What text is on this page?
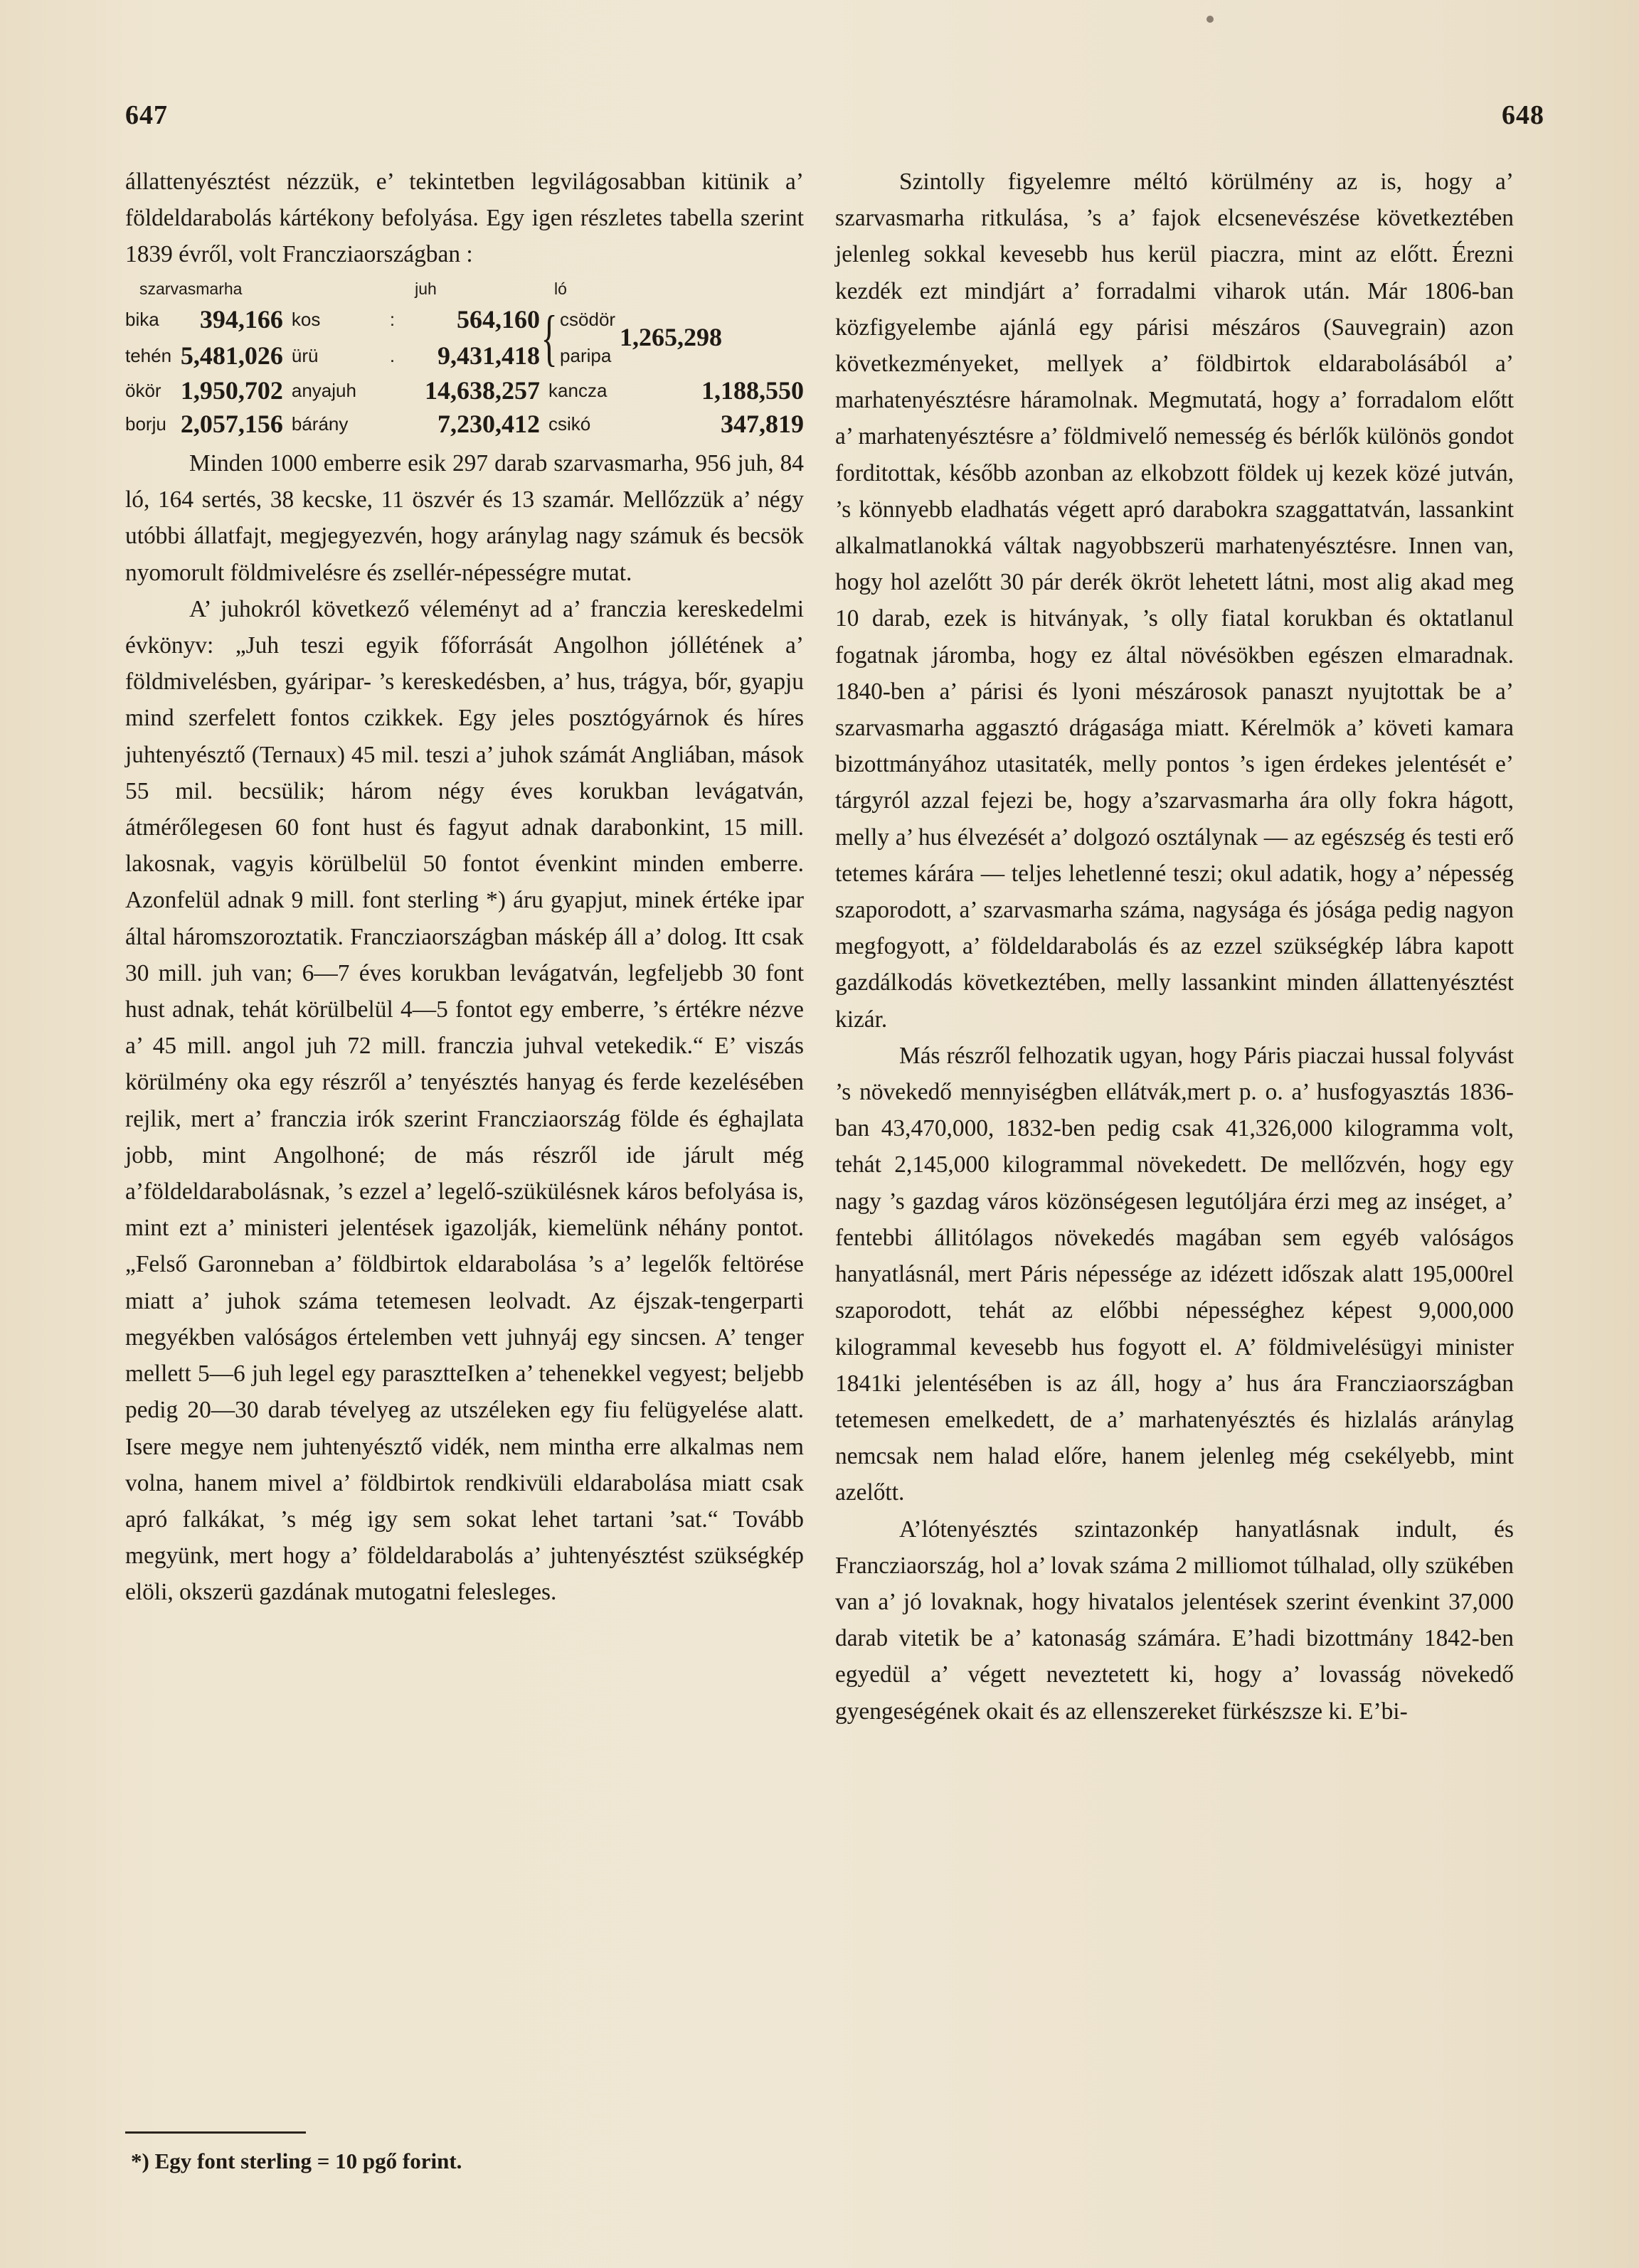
647	648

állattenyésztést nézzük, e’ tekintetben legvilágosabban kitünik a’ földeldarabolás kártékony befolyása. Egy igen részletes tabella szerint 1839 évről, volt Francziaországban :

szarvasmarha		juh			ló	
bika	394,166	kos	:	564,160	{ csödör	1,265,298
tehén	5,481,026	ürü	.	9,431,418	paripa	
ökör	1,950,702	anyajuh		14,638,257	kancza	1,188,550
borju	2,057,156	bárány		7,230,412	csikó	347,819

Minden 1000 emberre esik 297 darab szarvasmarha, 956 juh, 84 ló, 164 sertés, 38 kecske, 11 öszvér és 13 szamár. Mellőzzük a’ négy utóbbi állatfajt, megjegyezvén, hogy aránylag nagy számuk és becsök nyomorult földmivelésre és zsellér-népességre mutat.

A’ juhokról következő véleményt ad a’ franczia kereskedelmi évkönyv: „Juh teszi egyik főforrását Angolhon jóllétének a’ földmivelésben, gyáripar- ’s kereskedésben, a’ hus, trágya, bőr, gyapju mind szerfelett fontos czikkek. Egy jeles posztógyárnok és híres juhtenyésztő (Ternaux) 45 mil. teszi a’ juhok számát Angliában, mások 55 mil. becsülik; három négy éves korukban levágatván, átmérőlegesen 60 font hust és fagyut adnak darabonkint, 15 mill. lakosnak, vagyis körülbelül 50 fontot évenkint minden emberre. Azonfelül adnak 9 mill. font sterling *) áru gyapjut, minek értéke ipar által háromszoroztatik. Francziaországban máskép áll a’ dolog. Itt csak 30 mill. juh van; 6—7 éves korukban levágatván, legfeljebb 30 font hust adnak, tehát körülbelül 4—5 fontot egy emberre, ’s értékre nézve a’ 45 mill. angol juh 72 mill. franczia juhval vetekedik.“ E’ viszás körülmény oka egy részről a’ tenyésztés hanyag és ferde kezelésében rejlik, mert a’ franczia irók szerint Francziaország földe és éghajlata jobb, mint Angolhoné; de más részről ide járult még a’földeldarabolásnak, ’s ezzel a’ legelő-szükülésnek káros befolyása is, mint ezt a’ ministeri jelentések igazolják, kiemelünk néhány pontot. „Felső Garonneban a’ földbirtok eldarabolása ’s a’ legelők feltörése miatt a’ juhok száma tetemesen leolvadt. Az éjszak-tengerparti megyékben valóságos értelemben vett juhnyáj egy sincsen. A’ tenger mellett 5—6 juh legel egy parasztteIken a’ tehenekkel vegyest; beljebb pedig 20—30 darab tévelyeg az utszéleken egy fiu felügyelése alatt. Isere megye nem juhtenyésztő vidék, nem mintha erre alkalmas nem volna, hanem mivel a’ földbirtok rendkivüli eldarabolása miatt csak apró falkákat, ’s még igy sem sokat lehet tartani ’sat.“ Tovább megyünk, mert hogy a’ földeldarabolás a’ juhtenyésztést szükségkép elöli, okszerü gazdának mutogatni felesleges.

*) Egy font sterling = 10 pgő forint.

Szintolly figyelemre méltó körülmény az is, hogy a’ szarvasmarha ritkulása, ’s a’ fajok elcsenevészése következtében jelenleg sokkal kevesebb hus kerül piaczra, mint az előtt. Érezni kezdék ezt mindjárt a’ forradalmi viharok után. Már 1806-ban közfigyelembe ajánlá egy párisi mészáros (Sauvegrain) azon következményeket, mellyek a’ földbirtok eldarabolásából a’ marhatenyésztésre háramolnak. Megmutatá, hogy a’ forradalom előtt a’ marhatenyésztésre a’ földmivelő nemesség és bérlők különös gondot forditottak, később azonban az elkobzott földek uj kezek közé jutván, ’s könnyebb eladhatás végett apró darabokra szaggattatván, lassankint alkalmatlanokká váltak nagyobbszerü marhatenyésztésre. Innen van, hogy hol azelőtt 30 pár derék ökröt lehetett látni, most alig akad meg 10 darab, ezek is hitványak, ’s olly fiatal korukban és oktatlanul fogatnak járomba, hogy ez által növésökben egészen elmaradnak. 1840-ben a’ párisi és lyoni mészárosok panaszt nyujtottak be a’ szarvasmarha aggasztó drágasága miatt. Kérelmök a’ követi kamara bizottmányához utasitaték, melly pontos ’s igen érdekes jelentését e’ tárgyról azzal fejezi be, hogy a’szarvasmarha ára olly fokra hágott, melly a’ hus élvezését a’ dolgozó osztálynak — az egészség és testi erő tetemes kárára — teljes lehetlenné teszi; okul adatik, hogy a’ népesség szaporodott, a’ szarvasmarha száma, nagysága és jósága pedig nagyon megfogyott, a’ földeldarabolás és az ezzel szükségkép lábra kapott gazdálkodás következtében, melly lassankint minden állattenyésztést kizár.

Más részről felhozatik ugyan, hogy Páris piaczai hussal folyvást ’s növekedő mennyiségben ellátvák,mert p. o. a’ husfogyasztás 1836-ban 43,470,000, 1832-ben pedig csak 41,326,000 kilogramma volt, tehát 2,145,000 kilogrammal növekedett. De mellőzvén, hogy egy nagy ’s gazdag város közönségesen legutóljára érzi meg az inséget, a’ fentebbi állitólagos növekedés magában sem egyéb valóságos hanyatlásnál, mert Páris népessége az idézett időszak alatt 195,000rel szaporodott, tehát az előbbi népességhez képest 9,000,000 kilogrammal kevesebb hus fogyott el. A’ földmivelésügyi minister 1841ki jelentésében is az áll, hogy a’ hus ára Francziaországban tetemesen emelkedett, de a’ marhatenyésztés és hizlalás aránylag nemcsak nem halad előre, hanem jelenleg még csekélyebb, mint azelőtt.

A’lótenyésztés szintazonkép hanyatlásnak indult, és Francziaország, hol a’ lovak száma 2 milliomot túlhalad, olly szükében van a’ jó lovaknak, hogy hivatalos jelentések szerint évenkint 37,000 darab vitetik be a’ katonaság számára. E’hadi bizottmány 1842-ben egyedül a’ végett neveztetett ki, hogy a’ lovasság növekedő gyengeségének okait és az ellenszereket fürkészsze ki. E’bi-
